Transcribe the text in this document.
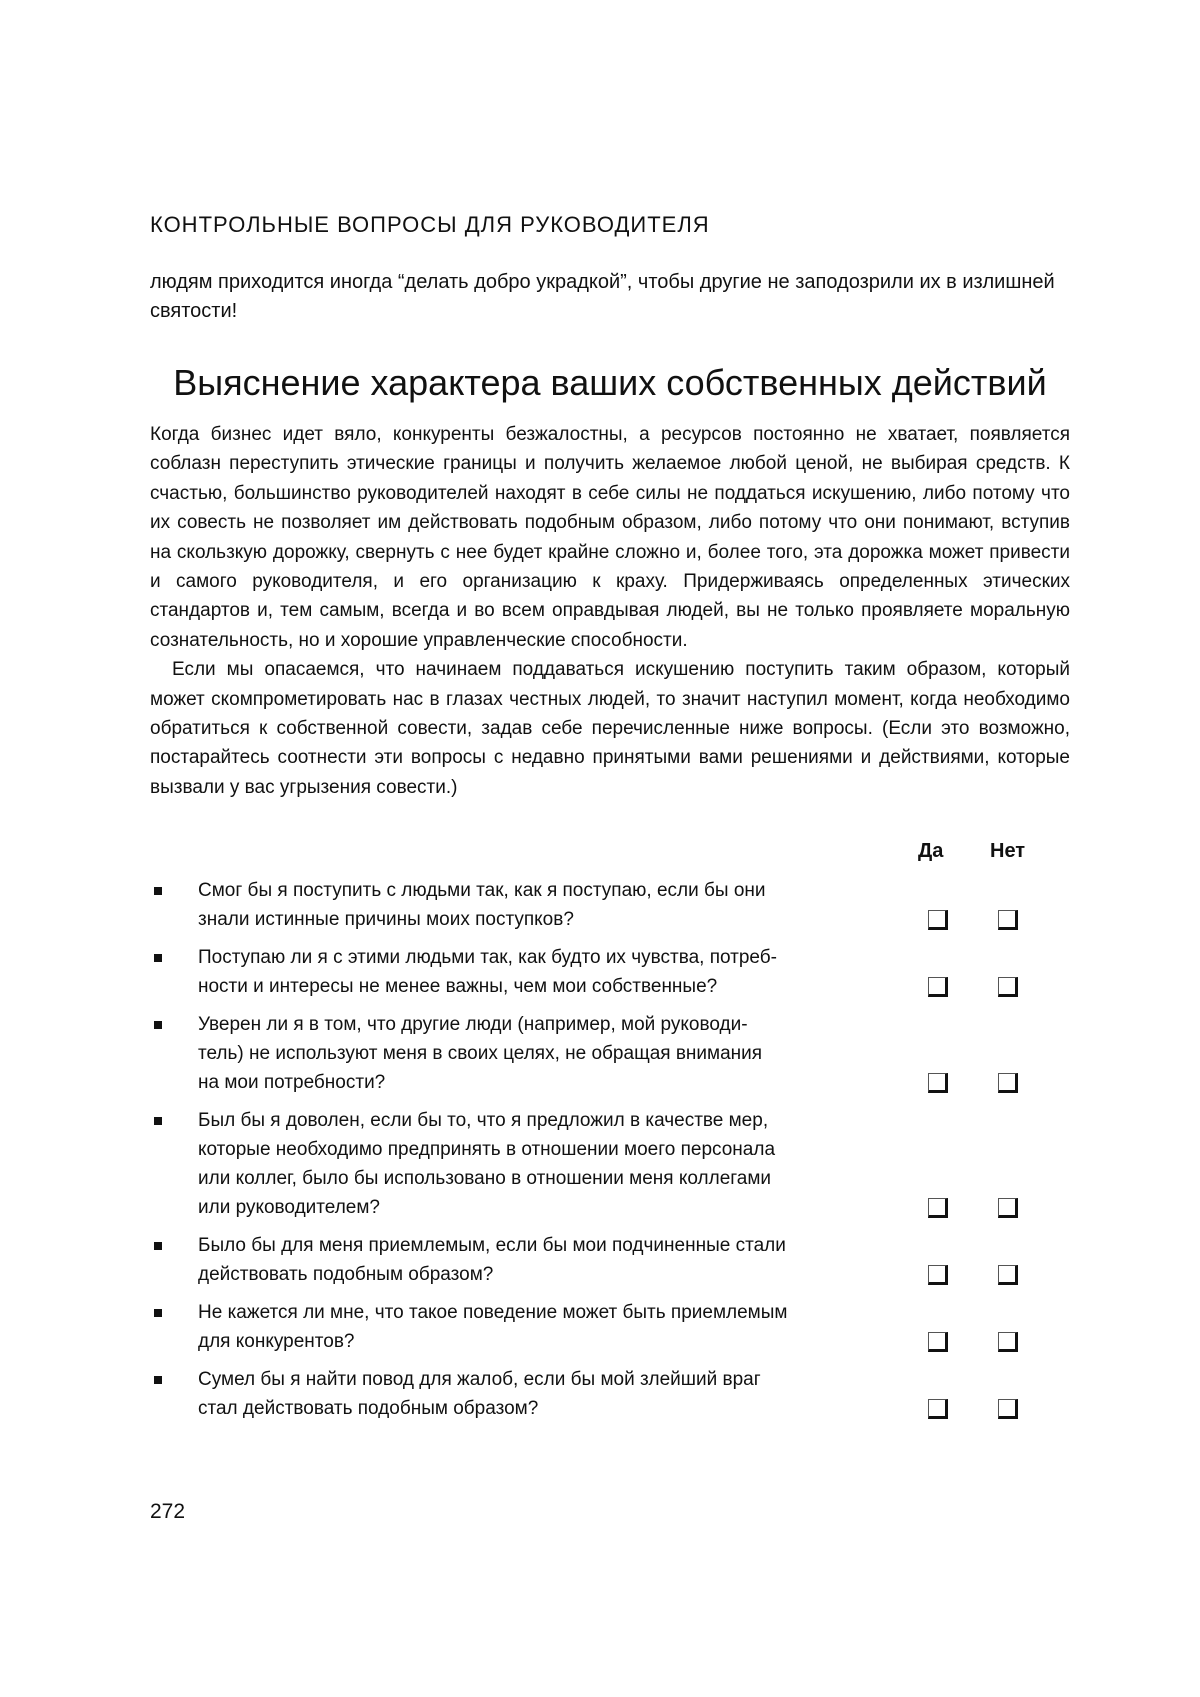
КОНТРОЛЬНЫЕ ВОПРОСЫ ДЛЯ РУКОВОДИТЕЛЯ

людям приходится иногда “делать добро украдкой”, чтобы другие не заподозрили их в излишней святости!

Выяснение характера ваших собственных действий

Когда бизнес идет вяло, конкуренты безжалостны, а ресурсов постоянно не хватает, появляется соблазн переступить этические границы и получить желаемое любой ценой, не выбирая средств. К счастью, большинство руководителей находят в себе силы не поддаться искушению, либо потому что их совесть не позволяет им действовать подобным образом, либо потому что они понимают, вступив на скользкую дорожку, свернуть с нее будет крайне сложно и, более того, эта дорожка может привести и самого руководителя, и его организацию к краху. Придерживаясь определенных этических стандартов и, тем самым, всегда и во всем оправдывая людей, вы не только проявляете моральную сознательность, но и хорошие управленческие способности.

Если мы опасаемся, что начинаем поддаваться искушению поступить таким образом, который может скомпрометировать нас в глазах честных людей, то значит наступил момент, когда необходимо обратиться к собственной совести, задав себе перечисленные ниже вопросы. (Если это возможно, постарайтесь соотнести эти вопросы с недавно принятыми вами решениями и действиями, которые вызвали у вас угрызения совести.)

Да Нет
Смог бы я поступить с людьми так, как я поступаю, если бы они
знали истинные причины моих поступков?
Поступаю ли я с этими людьми так, как будто их чувства, потреб-
ности и интересы не менее важны, чем мои собственные?
Уверен ли я в том, что другие люди (например, мой руководи-
тель) не используют меня в своих целях, не обращая внимания
на мои потребности?
Был бы я доволен, если бы то, что я предложил в качестве мер,
которые необходимо предпринять в отношении моего персонала
или коллег, было бы использовано в отношении меня коллегами
или руководителем?
Было бы для меня приемлемым, если бы мои подчиненные стали
действовать подобным образом?
Не кажется ли мне, что такое поведение может быть приемлемым
для конкурентов?
Сумел бы я найти повод для жалоб, если бы мой злейший враг
стал действовать подобным образом?
272
